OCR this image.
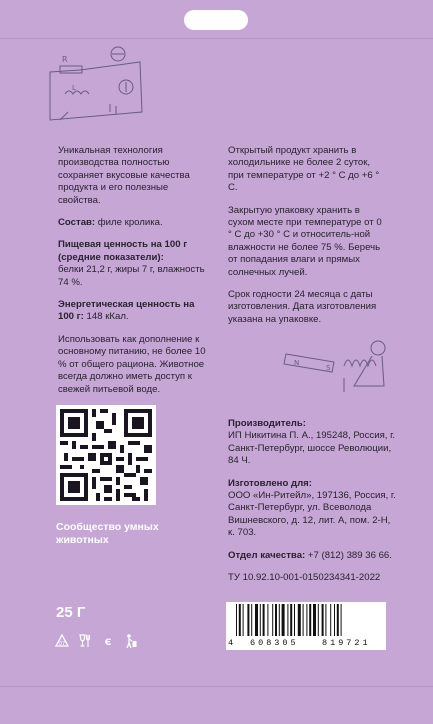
R
L

Уникальная технология производства полностью сохраняет вкусовые качества продукта и его полезные свойства.

Состав: филе кролика.

Пищевая ценность на 100 г (средние показатели):
белки 21,2 г, жиры 7 г, влажность 74 %.

Энергетическая ценность на 100 г: 148 кКал.

Использовать как дополнение к основному питанию, не более 10 % от общего рациона. Животное всегда должно иметь доступ к свежей питьевой воде.

Открытый продукт хранить в холодильнике не более 2 суток, при температуре от +2 ° С до +6 ° С.

Закрытую упаковку хранить в сухом месте при температуре от 0 ° С до +30 ° С и относитель-ной влажности не более 75 %. Беречь от попадания влаги и прямых солнечных лучей.

Срок годности 24 месяца с даты изготовления. Дата изготовления указана на упаковке.

N
S
Сообщество умных животных

Производитель:
ИП Никитина П. А., 195248, Россия, г. Санкт-Петербург, шоссе Революции, 84 Ч.

Изготовлено для:
ООО «Ин-Ритейл», 197136, Россия, г. Санкт-Петербург, ул. Всеволода Вишневского, д. 12, лит. А, пом. 2-Н, к. 703.

Отдел качества: +7 (812) 389 36 66.

ТУ 10.92.10-001-0150234341-2022

25 Г
07	Є	4 608305	819721
